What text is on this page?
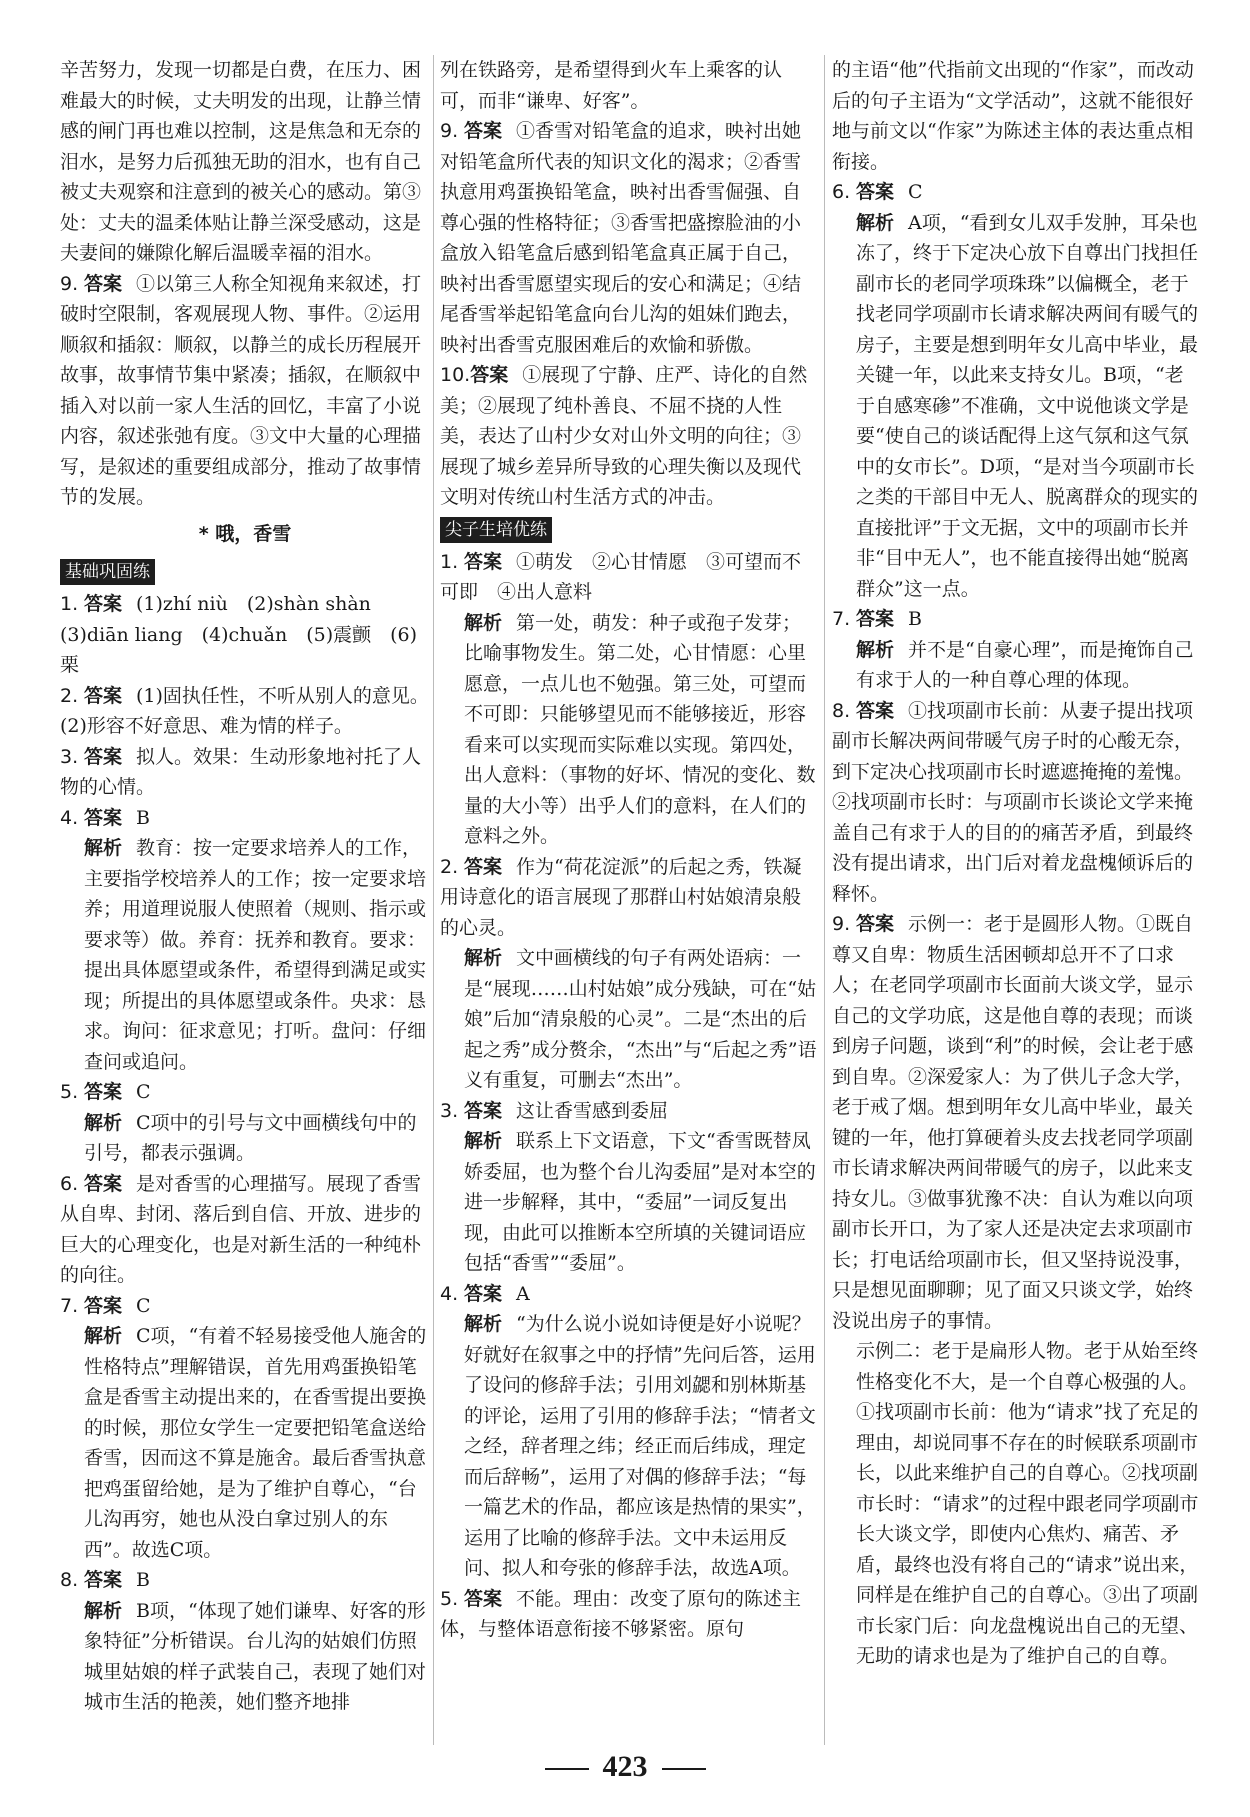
辛苦努力，发现一切都是白费，在压力、困难最大的时候，丈夫明发的出现，让静兰情感的闸门再也难以控制，这是焦急和无奈的泪水，是努力后孤独无助的泪水，也有自己被丈夫观察和注意到的被关心的感动。第③处：丈夫的温柔体贴让静兰深受感动，这是夫妻间的嫌隙化解后温暖幸福的泪水。

9. 答案 ①以第三人称全知视角来叙述，打破时空限制，客观展现人物、事件。②运用顺叙和插叙：顺叙，以静兰的成长历程展开故事，故事情节集中紧凑；插叙，在顺叙中插入对以前一家人生活的回忆，丰富了小说内容，叙述张弛有度。③文中大量的心理描写，是叙述的重要组成部分，推动了故事情节的发展。

* 哦，香雪
基础巩固练

1. 答案 (1)zhí niù　(2)shàn shàn　(3)diān liang　(4)chuǎn　(5)震颤　(6)栗

2. 答案 (1)固执任性，不听从别人的意见。(2)形容不好意思、难为情的样子。

3. 答案 拟人。效果：生动形象地衬托了人物的心情。

4. 答案 B

解析 教育：按一定要求培养人的工作，主要指学校培养人的工作；按一定要求培养；用道理说服人使照着（规则、指示或要求等）做。养育：抚养和教育。要求：提出具体愿望或条件，希望得到满足或实现；所提出的具体愿望或条件。央求：恳求。询问：征求意见；打听。盘问：仔细查问或追问。

5. 答案 C

解析 C项中的引号与文中画横线句中的引号，都表示强调。

6. 答案 是对香雪的心理描写。展现了香雪从自卑、封闭、落后到自信、开放、进步的巨大的心理变化，也是对新生活的一种纯朴的向往。

7. 答案 C

解析 C项，“有着不轻易接受他人施舍的性格特点”理解错误，首先用鸡蛋换铅笔盒是香雪主动提出来的，在香雪提出要换的时候，那位女学生一定要把铅笔盒送给香雪，因而这不算是施舍。最后香雪执意把鸡蛋留给她，是为了维护自尊心，“台儿沟再穷，她也从没白拿过别人的东西”。故选C项。

8. 答案 B

解析 B项，“体现了她们谦卑、好客的形象特征”分析错误。台儿沟的姑娘们仿照城里姑娘的样子武装自己，表现了她们对城市生活的艳羡，她们整齐地排

列在铁路旁，是希望得到火车上乘客的认可，而非“谦卑、好客”。

9. 答案 ①香雪对铅笔盒的追求，映衬出她对铅笔盒所代表的知识文化的渴求；②香雪执意用鸡蛋换铅笔盒，映衬出香雪倔强、自尊心强的性格特征；③香雪把盛擦脸油的小盒放入铅笔盒后感到铅笔盒真正属于自己，映衬出香雪愿望实现后的安心和满足；④结尾香雪举起铅笔盒向台儿沟的姐妹们跑去，映衬出香雪克服困难后的欢愉和骄傲。

10.答案 ①展现了宁静、庄严、诗化的自然美；②展现了纯朴善良、不屈不挠的人性美，表达了山村少女对山外文明的向往；③展现了城乡差异所导致的心理失衡以及现代文明对传统山村生活方式的冲击。

尖子生培优练

1. 答案 ①萌发　②心甘情愿　③可望而不可即　④出人意料

解析 第一处，萌发：种子或孢子发芽；比喻事物发生。第二处，心甘情愿：心里愿意，一点儿也不勉强。第三处，可望而不可即：只能够望见而不能够接近，形容看来可以实现而实际难以实现。第四处，出人意料：（事物的好坏、情况的变化、数量的大小等）出乎人们的意料，在人们的意料之外。

2. 答案 作为“荷花淀派”的后起之秀，铁凝用诗意化的语言展现了那群山村姑娘清泉般的心灵。

解析 文中画横线的句子有两处语病：一是“展现……山村姑娘”成分残缺，可在“姑娘”后加“清泉般的心灵”。二是“杰出的后起之秀”成分赘余，“杰出”与“后起之秀”语义有重复，可删去“杰出”。

3. 答案 这让香雪感到委屈

解析 联系上下文语意，下文“香雪既替凤娇委屈，也为整个台儿沟委屈”是对本空的进一步解释，其中，“委屈”一词反复出现，由此可以推断本空所填的关键词语应包括“香雪”“委屈”。

4. 答案 A

解析 “为什么说小说如诗便是好小说呢？好就好在叙事之中的抒情”先问后答，运用了设问的修辞手法；引用刘勰和别林斯基的评论，运用了引用的修辞手法；“情者文之经，辞者理之纬；经正而后纬成，理定而后辞畅”，运用了对偶的修辞手法；“每一篇艺术的作品，都应该是热情的果实”，运用了比喻的修辞手法。文中未运用反问、拟人和夸张的修辞手法，故选A项。

5. 答案 不能。理由：改变了原句的陈述主体，与整体语意衔接不够紧密。原句

的主语“他”代指前文出现的“作家”，而改动后的句子主语为“文学活动”，这就不能很好地与前文以“作家”为陈述主体的表达重点相衔接。

6. 答案 C

解析 A项，“看到女儿双手发肿，耳朵也冻了，终于下定决心放下自尊出门找担任副市长的老同学项珠珠”以偏概全，老于找老同学项副市长请求解决两间有暖气的房子，主要是想到明年女儿高中毕业，最关键一年，以此来支持女儿。B项，“老于自感寒碜”不准确，文中说他谈文学是要“使自己的谈话配得上这气氛和这气氛中的女市长”。D项，“是对当今项副市长之类的干部目中无人、脱离群众的现实的直接批评”于文无据，文中的项副市长并非“目中无人”，也不能直接得出她“脱离群众”这一点。

7. 答案 B

解析 并不是“自豪心理”，而是掩饰自己有求于人的一种自尊心理的体现。

8. 答案 ①找项副市长前：从妻子提出找项副市长解决两间带暖气房子时的心酸无奈，到下定决心找项副市长时遮遮掩掩的羞愧。②找项副市长时：与项副市长谈论文学来掩盖自己有求于人的目的的痛苦矛盾，到最终没有提出请求，出门后对着龙盘槐倾诉后的释怀。

9. 答案 示例一：老于是圆形人物。①既自尊又自卑：物质生活困顿却总开不了口求人；在老同学项副市长面前大谈文学，显示自己的文学功底，这是他自尊的表现；而谈到房子问题，谈到“利”的时候，会让老于感到自卑。②深爱家人：为了供儿子念大学，老于戒了烟。想到明年女儿高中毕业，最关键的一年，他打算硬着头皮去找老同学项副市长请求解决两间带暖气的房子，以此来支持女儿。③做事犹豫不决：自认为难以向项副市长开口，为了家人还是决定去求项副市长；打电话给项副市长，但又坚持说没事，只是想见面聊聊；见了面又只谈文学，始终没说出房子的事情。

示例二：老于是扁形人物。老于从始至终性格变化不大，是一个自尊心极强的人。①找项副市长前：他为“请求”找了充足的理由，却说同事不存在的时候联系项副市长，以此来维护自己的自尊心。②找项副市长时：“请求”的过程中跟老同学项副市长大谈文学，即使内心焦灼、痛苦、矛盾，最终也没有将自己的“请求”说出来，同样是在维护自己的自尊心。③出了项副市长家门后：向龙盘槐说出自己的无望、无助的请求也是为了维护自己的自尊。

423
